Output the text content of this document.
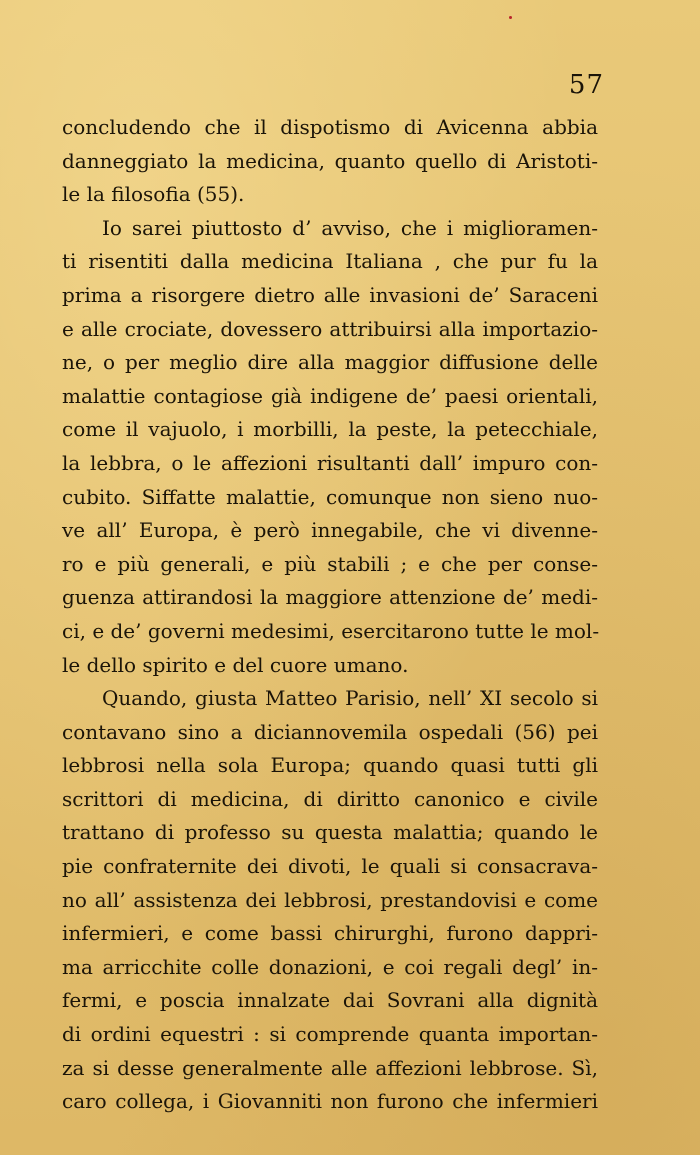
57

concludendo che il dispotismo di Avicenna abbia
danneggiato la medicina, quanto quello di Aristoti-
le la filosofia (55).

Io sarei piuttosto d’ avviso, che i miglioramen-
ti risentiti dalla medicina Italiana , che pur fu la
prima a risorgere dietro alle invasioni de’ Saraceni
e alle crociate, dovessero attribuirsi alla importazio-
ne, o per meglio dire alla maggior diffusione delle
malattie contagiose già indigene de’ paesi orientali,
come il vajuolo, i morbilli, la peste, la petecchiale,
la lebbra, o le affezioni risultanti dall’ impuro con-
cubito. Siffatte malattie, comunque non sieno nuo-
ve all’ Europa, è però innegabile, che vi divenne-
ro e più generali, e più stabili ; e che per conse-
guenza attirandosi la maggiore attenzione de’ medi-
ci, e de’ governi medesimi, esercitarono tutte le mol-
le dello spirito e del cuore umano.

Quando, giusta Matteo Parisio, nell’ XI secolo si
contavano sino a diciannovemila ospedali (56) pei
lebbrosi nella sola Europa; quando quasi tutti gli
scrittori di medicina, di diritto canonico e civile
trattano di professo su questa malattia; quando le
pie confraternite dei divoti, le quali si consacrava-
no all’ assistenza dei lebbrosi, prestandovisi e come
infermieri, e come bassi chirurghi, furono dappri-
ma arricchite colle donazioni, e coi regali degl’ in-
fermi, e poscia innalzate dai Sovrani alla dignità
di ordini equestri : si comprende quanta importan-
za si desse generalmente alle affezioni lebbrose. Sì,
caro collega, i Giovanniti non furono che infermieri
